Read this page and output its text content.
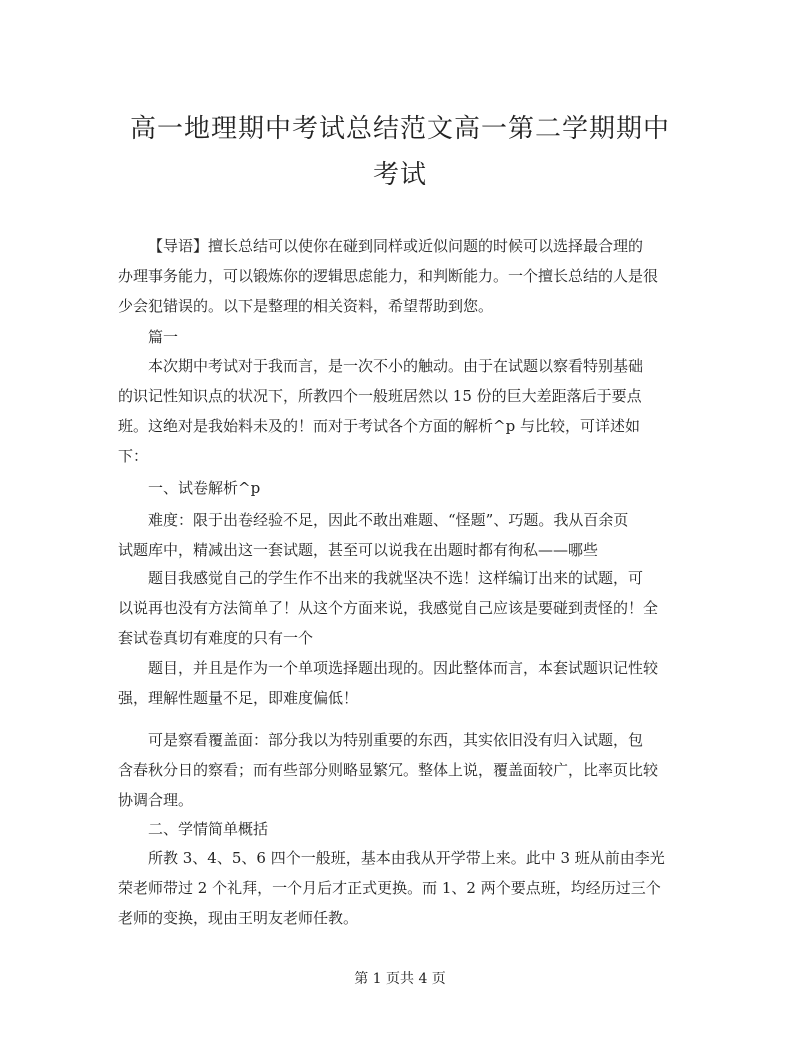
高一地理期中考试总结范文高一第二学期期中
考试
【导语】擅长总结可以使你在碰到同样或近似问题的时候可以选择最合理的
办理事务能力，可以锻炼你的逻辑思虑能力，和判断能力。一个擅长总结的人是很
少会犯错误的。以下是整理的相关资料，希望帮助到您。
篇一
本次期中考试对于我而言，是一次不小的触动。由于在试题以察看特别基础
的识记性知识点的状况下，所教四个一般班居然以 15 份的巨大差距落后于要点
班。这绝对是我始料未及的！而对于考试各个方面的解析^p 与比较，可详述如
下：
一、试卷解析^p
难度：限于出卷经验不足，因此不敢出难题、“怪题”、巧题。我从百余页
试题库中，精减出这一套试题，甚至可以说我在出题时都有徇私——哪些
题目我感觉自己的学生作不出来的我就坚决不选！这样编订出来的试题，可
以说再也没有方法简单了！从这个方面来说，我感觉自己应该是要碰到责怪的！全
套试卷真切有难度的只有一个
题目，并且是作为一个单项选择题出现的。因此整体而言，本套试题识记性较
强，理解性题量不足，即难度偏低！
可是察看覆盖面：部分我以为特别重要的东西，其实依旧没有归入试题，包
含春秋分日的察看；而有些部分则略显繁冗。整体上说，覆盖面较广，比率页比较
协调合理。
二、学情简单概括
所教 3、4、5、6 四个一般班，基本由我从开学带上来。此中 3 班从前由李光
荣老师带过 2 个礼拜，一个月后才正式更换。而 1、2 两个要点班，均经历过三个
老师的变换，现由王明友老师任教。
第 1 页共 4 页
